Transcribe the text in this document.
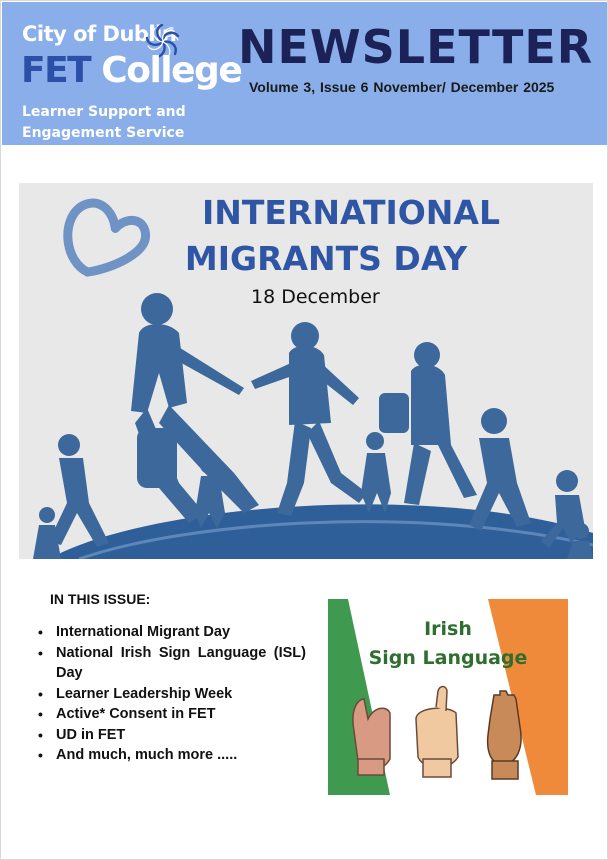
City of Dublin
FET College
Learner Support and
Engagement Service
NEWSLETTER
Volume 3, Issue 6 November/ December 2025
INTERNATIONAL
MIGRANTS DAY
18 December
IN THIS ISSUE:
• International Migrant Day
• National Irish Sign Language (ISL) Day
• Learner Leadership Week
• Active* Consent in FET
• UD in FET
• And much, much more .....
Irish
Sign Language
